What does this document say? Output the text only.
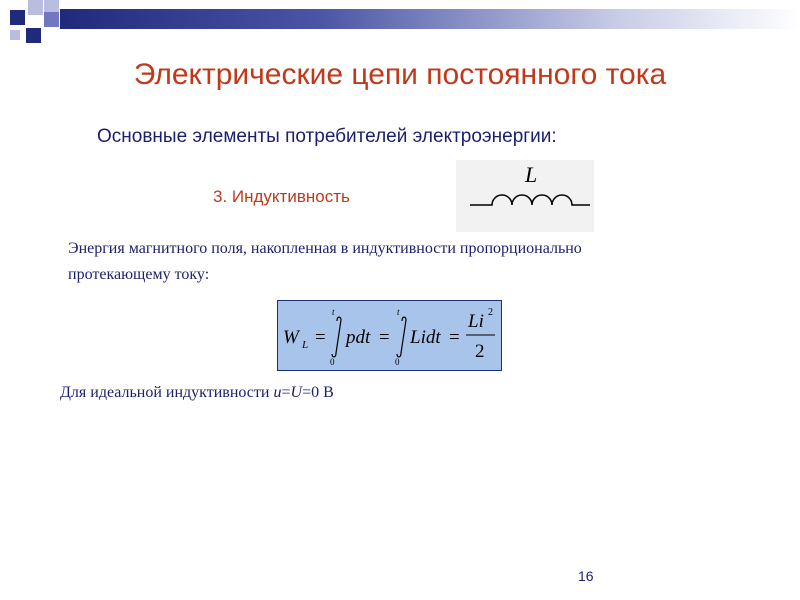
Электрические цепи постоянного тока
Основные элементы потребителей электроэнергии:
3. Индуктивность
L
Энергия магнитного поля, накопленная в индуктивности пропорционально
протекающему току:
W L =
t
0
pdt =
t
0
Lidt =
Li 2
2
Для идеальной индуктивности u=U=0 В
16
